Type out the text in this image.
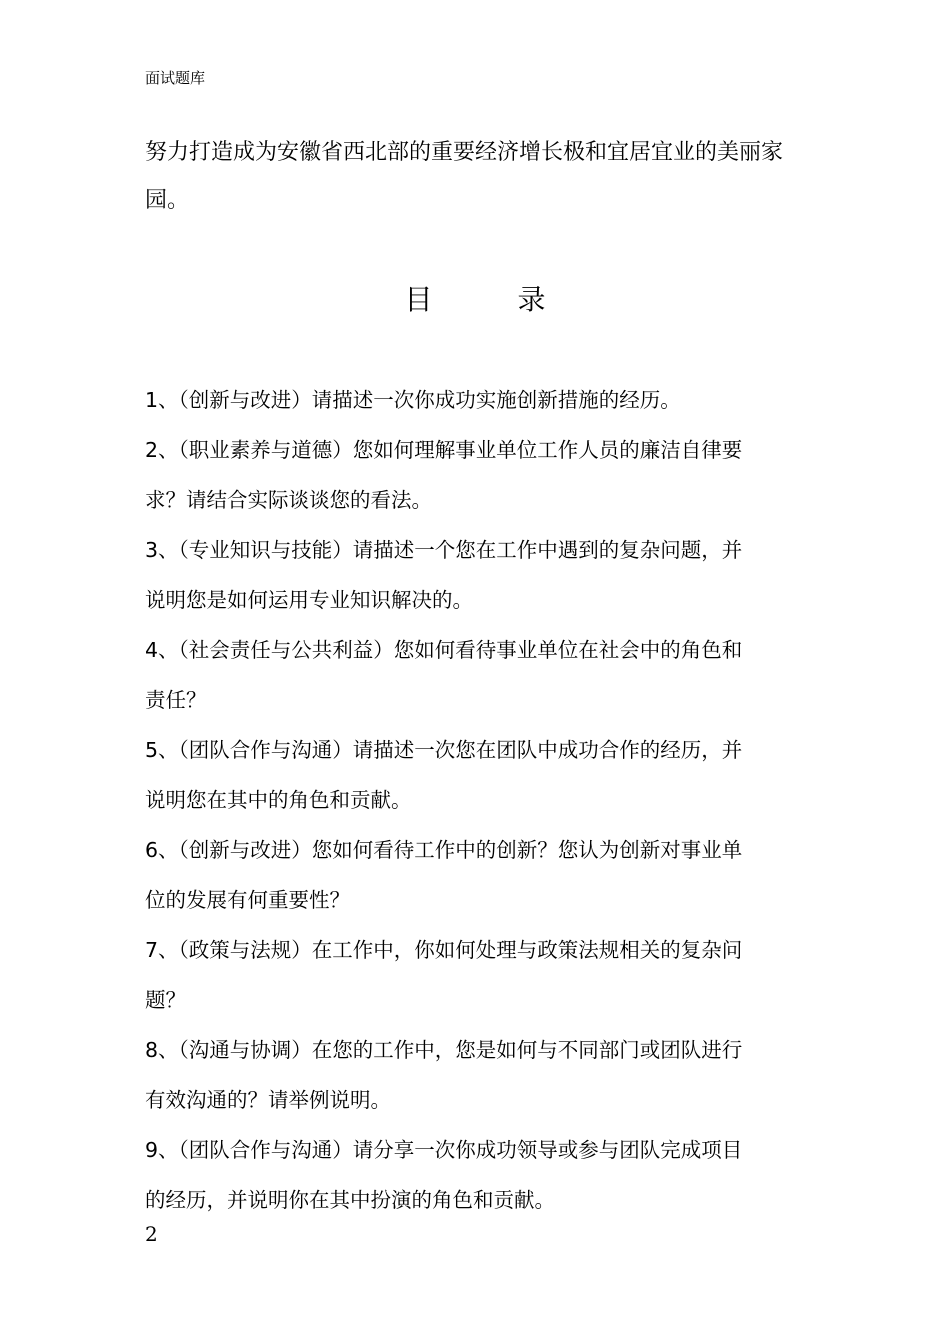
面试题库
努力打造成为安徽省西北部的重要经济增长极和宜居宜业的美丽家
园。
目 录
1、（创新与改进）请描述一次你成功实施创新措施的经历。
2、（职业素养与道德）您如何理解事业单位工作人员的廉洁自律要
求？请结合实际谈谈您的看法。
3、（专业知识与技能）请描述一个您在工作中遇到的复杂问题，并
说明您是如何运用专业知识解决的。
4、（社会责任与公共利益）您如何看待事业单位在社会中的角色和
责任？
5、（团队合作与沟通）请描述一次您在团队中成功合作的经历，并
说明您在其中的角色和贡献。
6、（创新与改进）您如何看待工作中的创新？您认为创新对事业单
位的发展有何重要性？
7、（政策与法规）在工作中，你如何处理与政策法规相关的复杂问
题？
8、（沟通与协调）在您的工作中，您是如何与不同部门或团队进行
有效沟通的？请举例说明。
9、（团队合作与沟通）请分享一次你成功领导或参与团队完成项目
的经历，并说明你在其中扮演的角色和贡献。
2
